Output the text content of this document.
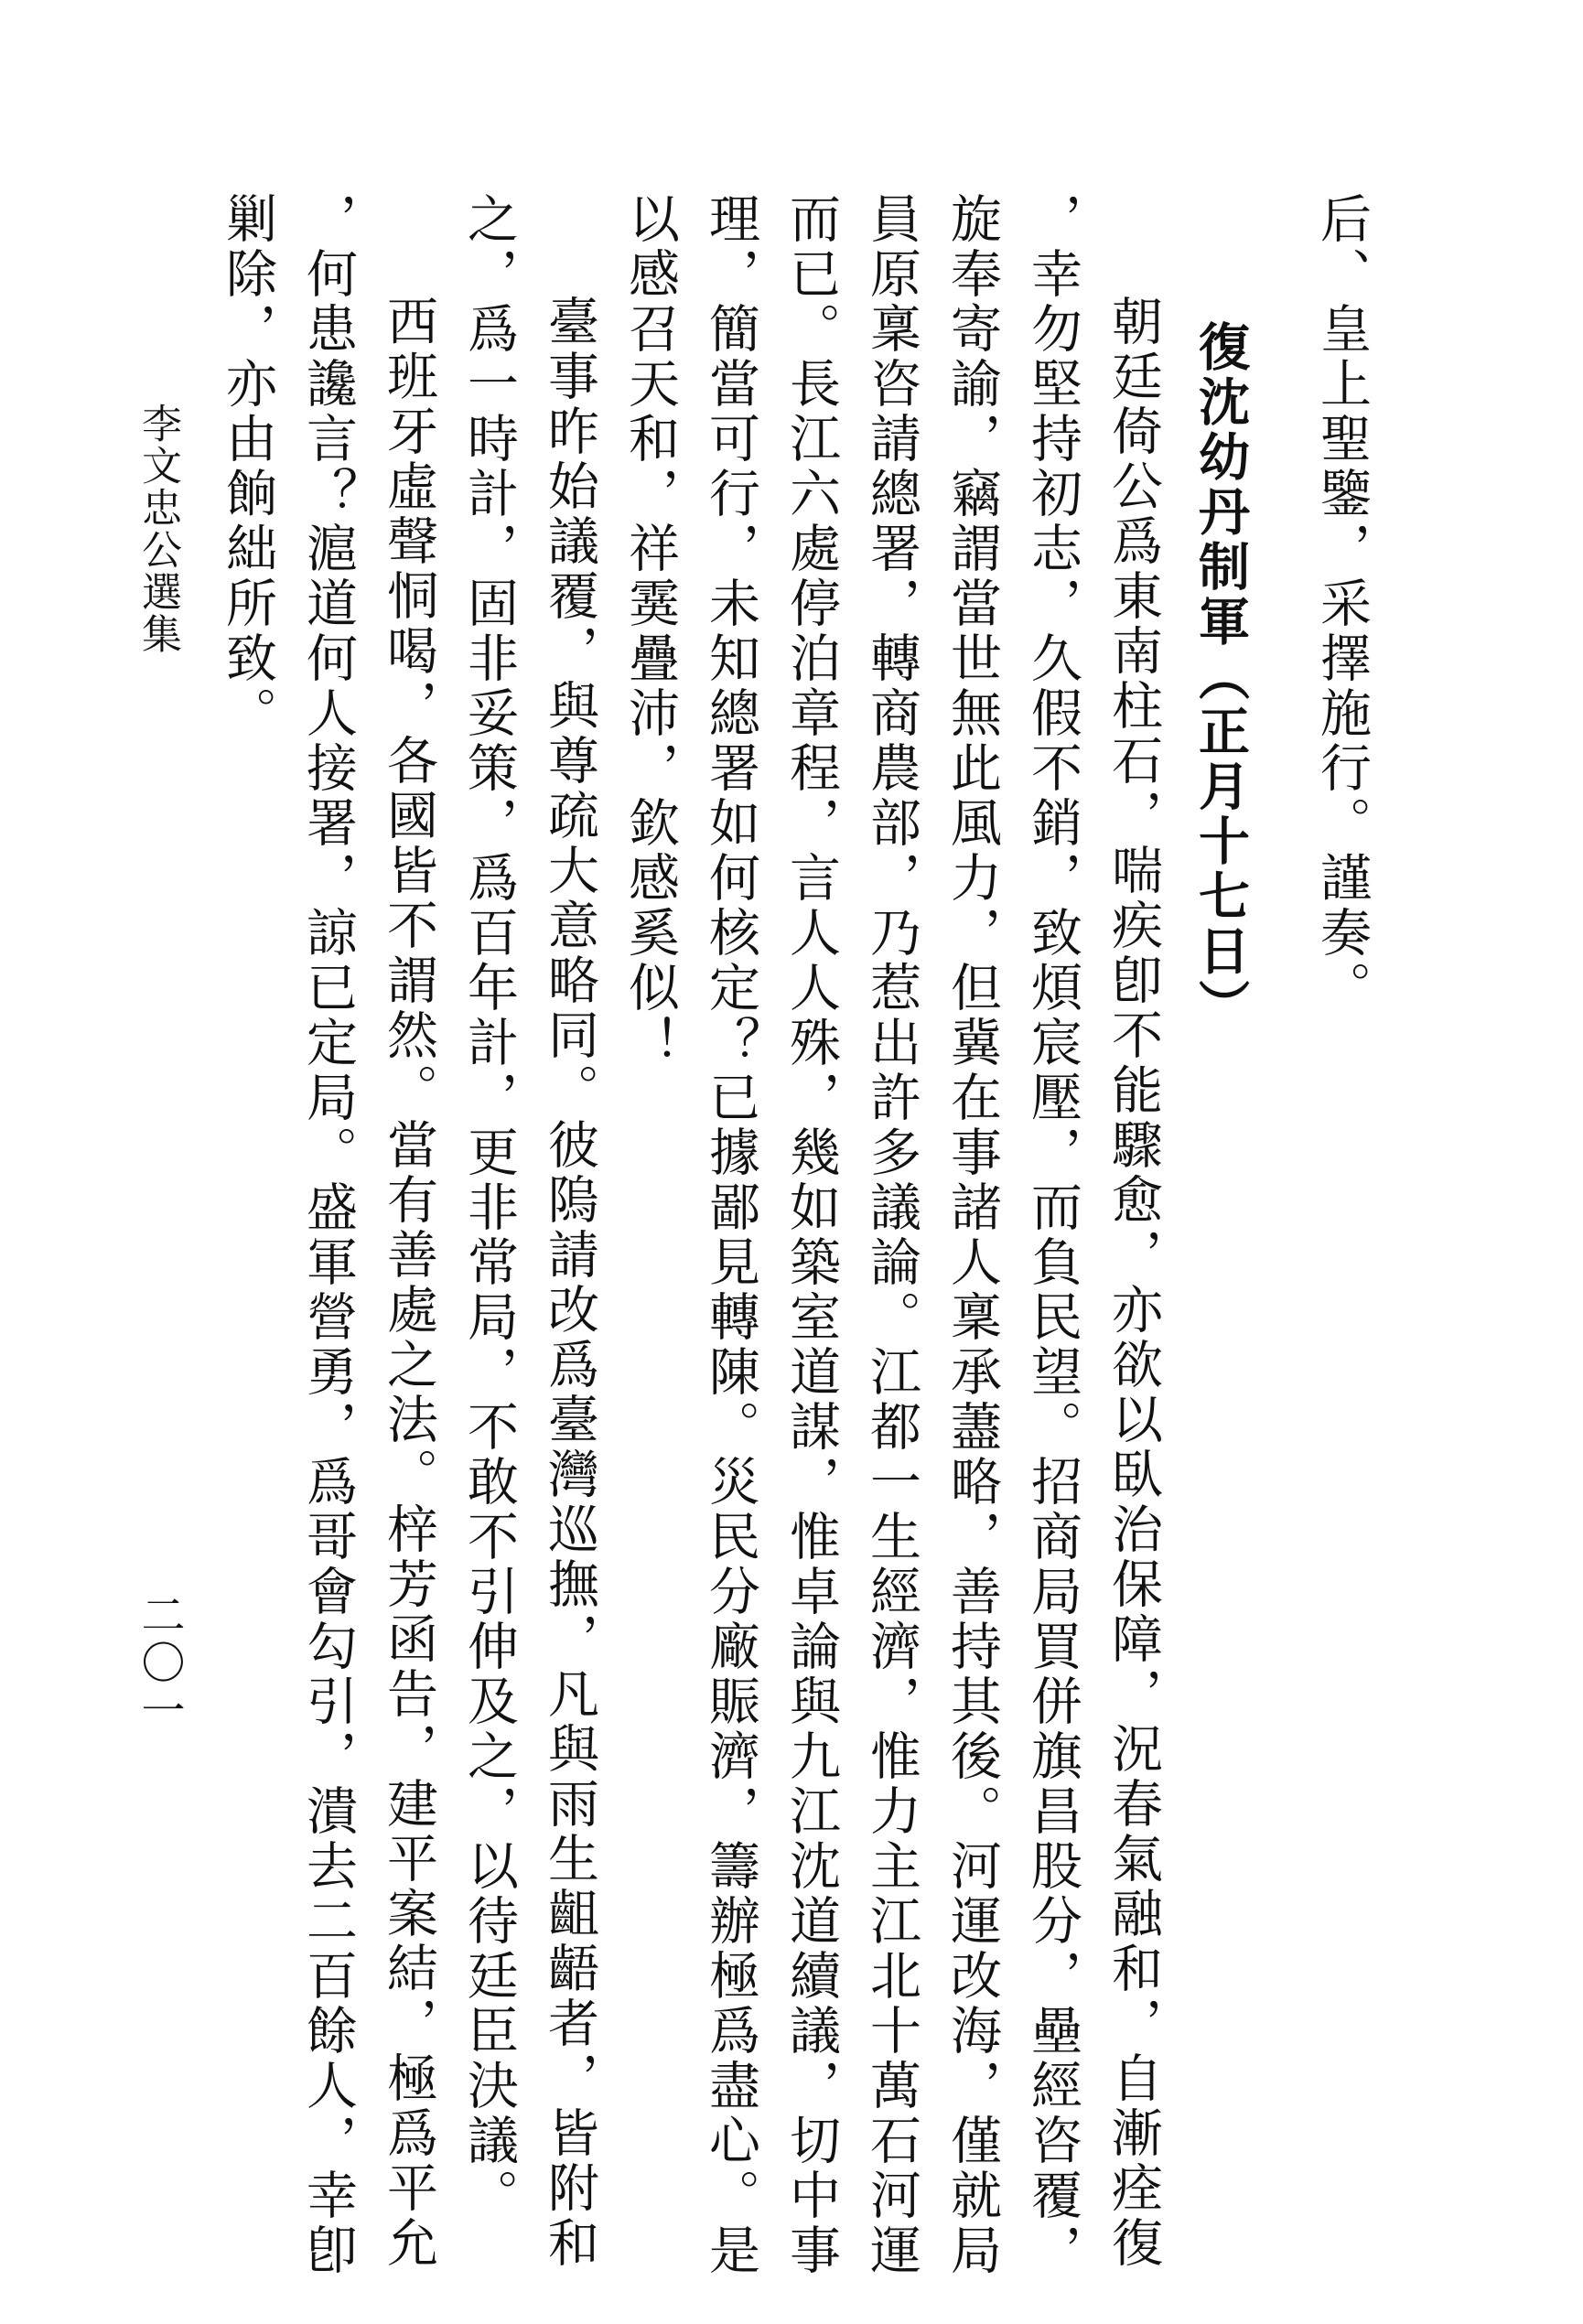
后、皇上聖鑒，采擇施行。謹奏。

復沈幼丹制軍（正月十七日）

朝廷倚公爲東南柱石，喘疾卽不能驟愈，亦欲以臥治保障，況春氣融和，自漸痊復

，幸勿堅持初志，久假不銷，致煩宸壓，而負民望。招商局買併旗昌股分，壘經咨覆，

旋奉寄諭，竊謂當世無此風力，但冀在事諸人稟承藎略，善持其後。河運改海，僅就局

員原稟咨請總署，轉商農部，乃惹出許多議論。江都一生經濟，惟力主江北十萬石河運

而已。長江六處停泊章程，言人人殊，幾如築室道謀，惟卓論與九江沈道續議，切中事

理，簡當可行，未知總署如何核定？已據鄙見轉陳。災民分廠賑濟，籌辦極爲盡心。是

以感召天和，祥霙疊沛，欽感奚似！

臺事昨始議覆，與尊疏大意略同。彼隖請改爲臺灣巡撫，凡與雨生齟齬者，皆附和

之，爲一時計，固非妥策，爲百年計，更非常局，不敢不引伸及之，以待廷臣決議。

西班牙虛聲恫喝，各國皆不謂然。當有善處之法。梓芳函告，建平案結，極爲平允

，何患讒言？滬道何人接署，諒已定局。盛軍營勇，爲哥會勾引，潰去二百餘人，幸卽

剿除，亦由餉絀所致。

李文忠公選集
二〇一
